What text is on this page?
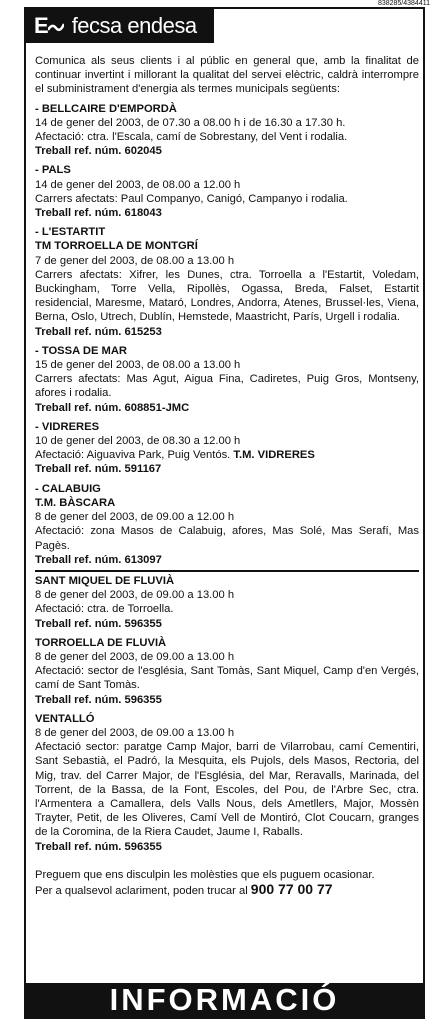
838285/4384411
E	fecsa endesa
Comunica als seus clients i al públic en general que, amb la finalitat de continuar invertint i millorant la qualitat del servei elèctric, caldrà interrompre el subministrament d'energia als termes municipals següents:
- BELLCAIRE D'EMPORDÀ
14 de gener del 2003, de 07.30 a 08.00 h i de 16.30 a 17.30 h.
Afectació: ctra. l'Escala, camí de Sobrestany, del Vent i rodalia.
Treball ref. núm. 602045
- PALS
14 de gener del 2003, de 08.00 a 12.00 h
Carrers afectats: Paul Companyo, Canigó, Campanyo i rodalia.
Treball ref. núm. 618043
- L'ESTARTIT
TM TORROELLA DE MONTGRÍ
7 de gener del 2003, de 08.00 a 13.00 h
Carrers afectats: Xifrer, les Dunes, ctra. Torroella a l'Estartit, Voledam, Buckingham, Torre Vella, Ripollès, Ogassa, Breda, Falset, Estartit residencial, Maresme, Mataró, Londres, Andorra, Atenes, Brussel·les, Viena, Berna, Oslo, Utrech, Dublín, Hemstede, Maastricht, París, Urgell i rodalia.
Treball ref. núm. 615253
- TOSSA DE MAR
15 de gener del 2003, de 08.00 a 13.00 h
Carrers afectats: Mas Agut, Aigua Fina, Cadiretes, Puig Gros, Montseny, afores i rodalia.
Treball ref. núm. 608851-JMC
- VIDRERES
10 de gener del 2003, de 08.30 a 12.00 h
Afectació: Aiguaviva Park, Puig Ventós. T.M. VIDRERES
Treball ref. núm. 591167
- CALABUIG
T.M. BÀSCARA
8 de gener del 2003, de 09.00 a 12.00 h
Afectació: zona Masos de Calabuig, afores, Mas Solé, Mas Serafí, Mas Pagès.
Treball ref. núm. 613097
SANT MIQUEL DE FLUVIÀ
8 de gener del 2003, de 09.00 a 13.00 h
Afectació: ctra. de Torroella.
Treball ref. núm. 596355
TORROELLA DE FLUVIÀ
8 de gener del 2003, de 09.00 a 13.00 h
Afectació: sector de l'església, Sant Tomàs, Sant Miquel, Camp d'en Vergés, camí de Sant Tomàs.
Treball ref. núm. 596355
VENTALLÓ
8 de gener del 2003, de 09.00 a 13.00 h
Afectació sector: paratge Camp Major, barri de Vilarrobau, camí Cementiri, Sant Sebastià, el Padró, la Mesquita, els Pujols, dels Masos, Rectoria, del Mig, trav. del Carrer Major, de l'Església, del Mar, Reravalls, Marinada, del Torrent, de la Bassa, de la Font, Escoles, del Pou, de l'Arbre Sec, ctra. l'Armentera a Camallera, dels Valls Nous, dels Ametllers, Major, Mossèn Trayter, Petit, de les Oliveres, Camí Vell de Montiró, Clot Coucarn, granges de la Coromina, de la Riera Caudet, Jaume I, Raballs.
Treball ref. núm. 596355
Preguem que ens disculpin les molèsties que els puguem ocasionar.
Per a qualsevol aclariment, poden trucar al 900 77 00 77
INFORMACIÓ
